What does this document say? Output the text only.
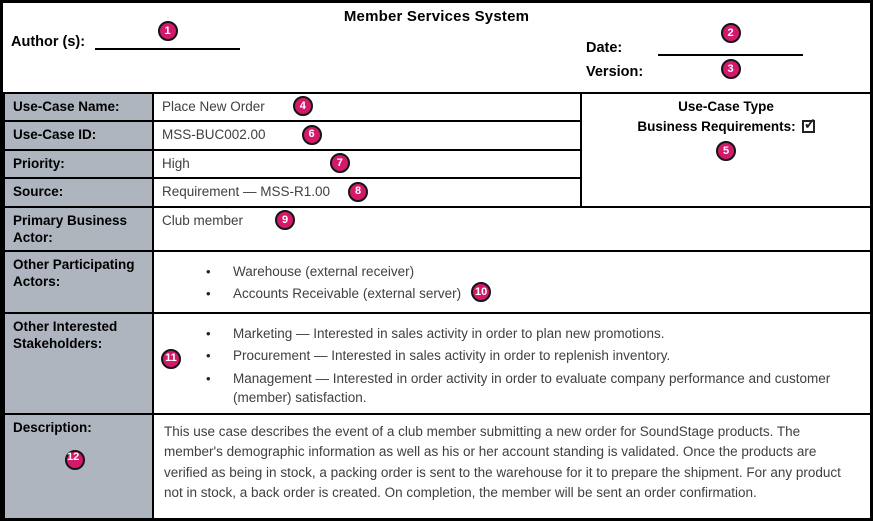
Member Services System
Author (s):
1
Date:
2
Version:	3
Use-Case Name:	Place New Order 4	Use-Case Type
Business Requirements:✓
5

Use-Case ID:	MSS-BUC002.00 6	
Priority:	High 7	
Source:	Requirement — MSS-R1.00 8	
Primary Business Actor:	Club member 9	
Other Participating Actors:	
•	Warehouse (external receiver)
•	Accounts Receivable (external server)	10

Other Interested Stakeholders:	
11
•	Marketing — Interested in sales activity in order to plan new promotions.
•	Procurement — Interested in sales activity in order to replenish inventory.
•	Management — Interested in order activity in order to evaluate company performance and customer (member) satisfaction.

Description:
12	This use case describes the event of a club member submitting a new order for SoundStage products. The member's demographic information as well as his or her account standing is validated. Once the products are verified as being in stock, a packing order is sent to the warehouse for it to prepare the shipment. For any product not in stock, a back order is created. On completion, the member will be sent an order confirmation.	
